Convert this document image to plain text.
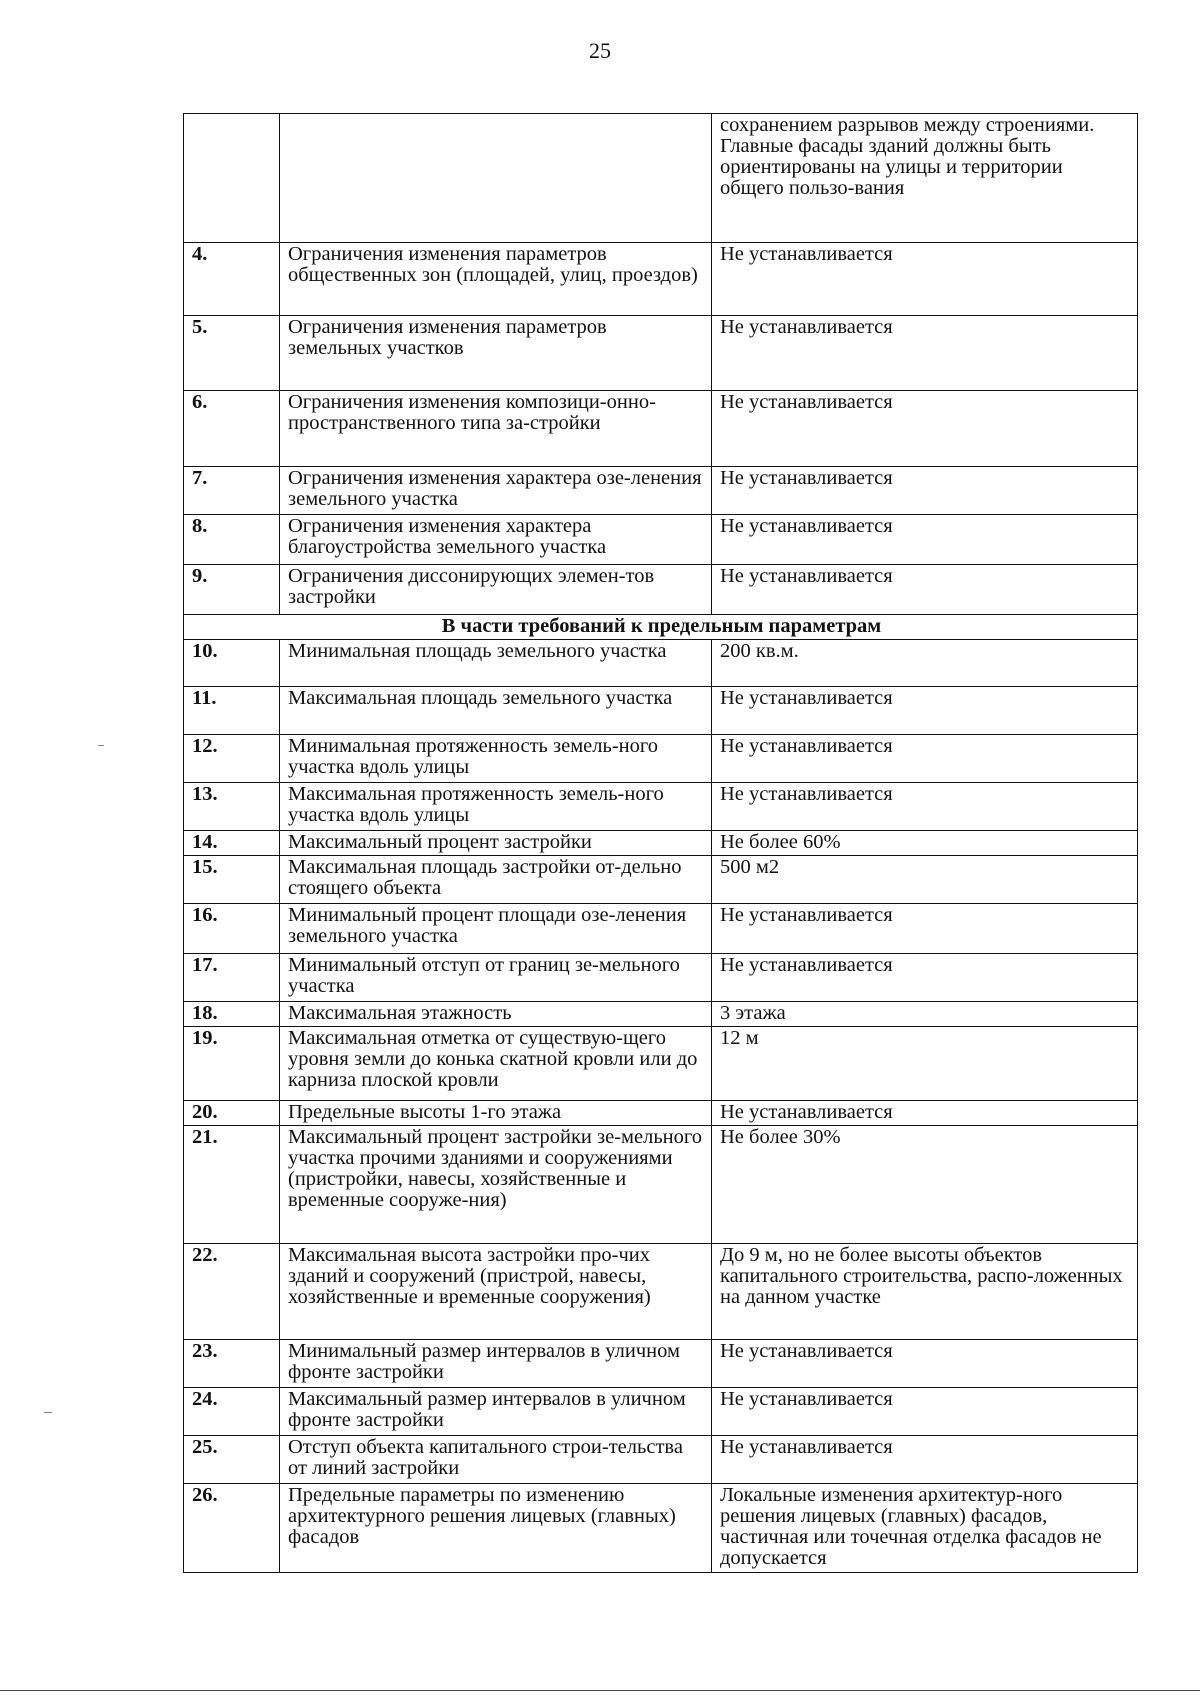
25
		сохранением разрывов между строениями. Главные фасады зданий должны быть ориентированы на улицы и территории общего пользо-вания
4.	Ограничения изменения параметров общественных зон (площадей, улиц, проездов)	Не устанавливается
5.	Ограничения изменения параметров земельных участков	Не устанавливается
6.	Ограничения изменения композици-онно-пространственного типа за-стройки	Не устанавливается
7.	Ограничения изменения характера озе-ленения земельного участка	Не устанавливается
8.	Ограничения изменения характера благоустройства земельного участка	Не устанавливается
9.	Ограничения диссонирующих элемен-тов застройки	Не устанавливается
В части требований к предельным параметрам		
10.	Минимальная площадь земельного участка	200 кв.м.
11.	Максимальная площадь земельного участка	Не устанавливается
12.	Минимальная протяженность земель-ного участка вдоль улицы	Не устанавливается
13.	Максимальная протяженность земель-ного участка вдоль улицы	Не устанавливается
14.	Максимальный процент застройки	Не более 60%
15.	Максимальная площадь застройки от-дельно стоящего объекта	500 м2
16.	Минимальный процент площади озе-ленения земельного участка	Не устанавливается
17.	Минимальный отступ от границ зе-мельного участка	Не устанавливается
18.	Максимальная этажность	3 этажа
19.	Максимальная отметка от существую-щего уровня земли до конька скатной кровли или до карниза плоской кровли	12 м
20.	Предельные высоты 1-го этажа	Не устанавливается
21.	Максимальный процент застройки зе-мельного участка прочими зданиями и сооружениями (пристройки, навесы, хозяйственные и временные сооруже-ния)	Не более 30%
22.	Максимальная высота застройки про-чих зданий и сооружений (пристрой, навесы, хозяйственные и временные сооружения)	До 9 м, но не более высоты объектов капитального строительства, распо-ложенных на данном участке
23.	Минимальный размер интервалов в уличном фронте застройки	Не устанавливается
24.	Максимальный размер интервалов в уличном фронте застройки	Не устанавливается
25.	Отступ объекта капитального строи-тельства от линий застройки	Не устанавливается
26.	Предельные параметры по изменению архитектурного решения лицевых (главных) фасадов	Локальные изменения архитектур-ного решения лицевых (главных) фасадов, частичная или точечная отделка фасадов не допускается
